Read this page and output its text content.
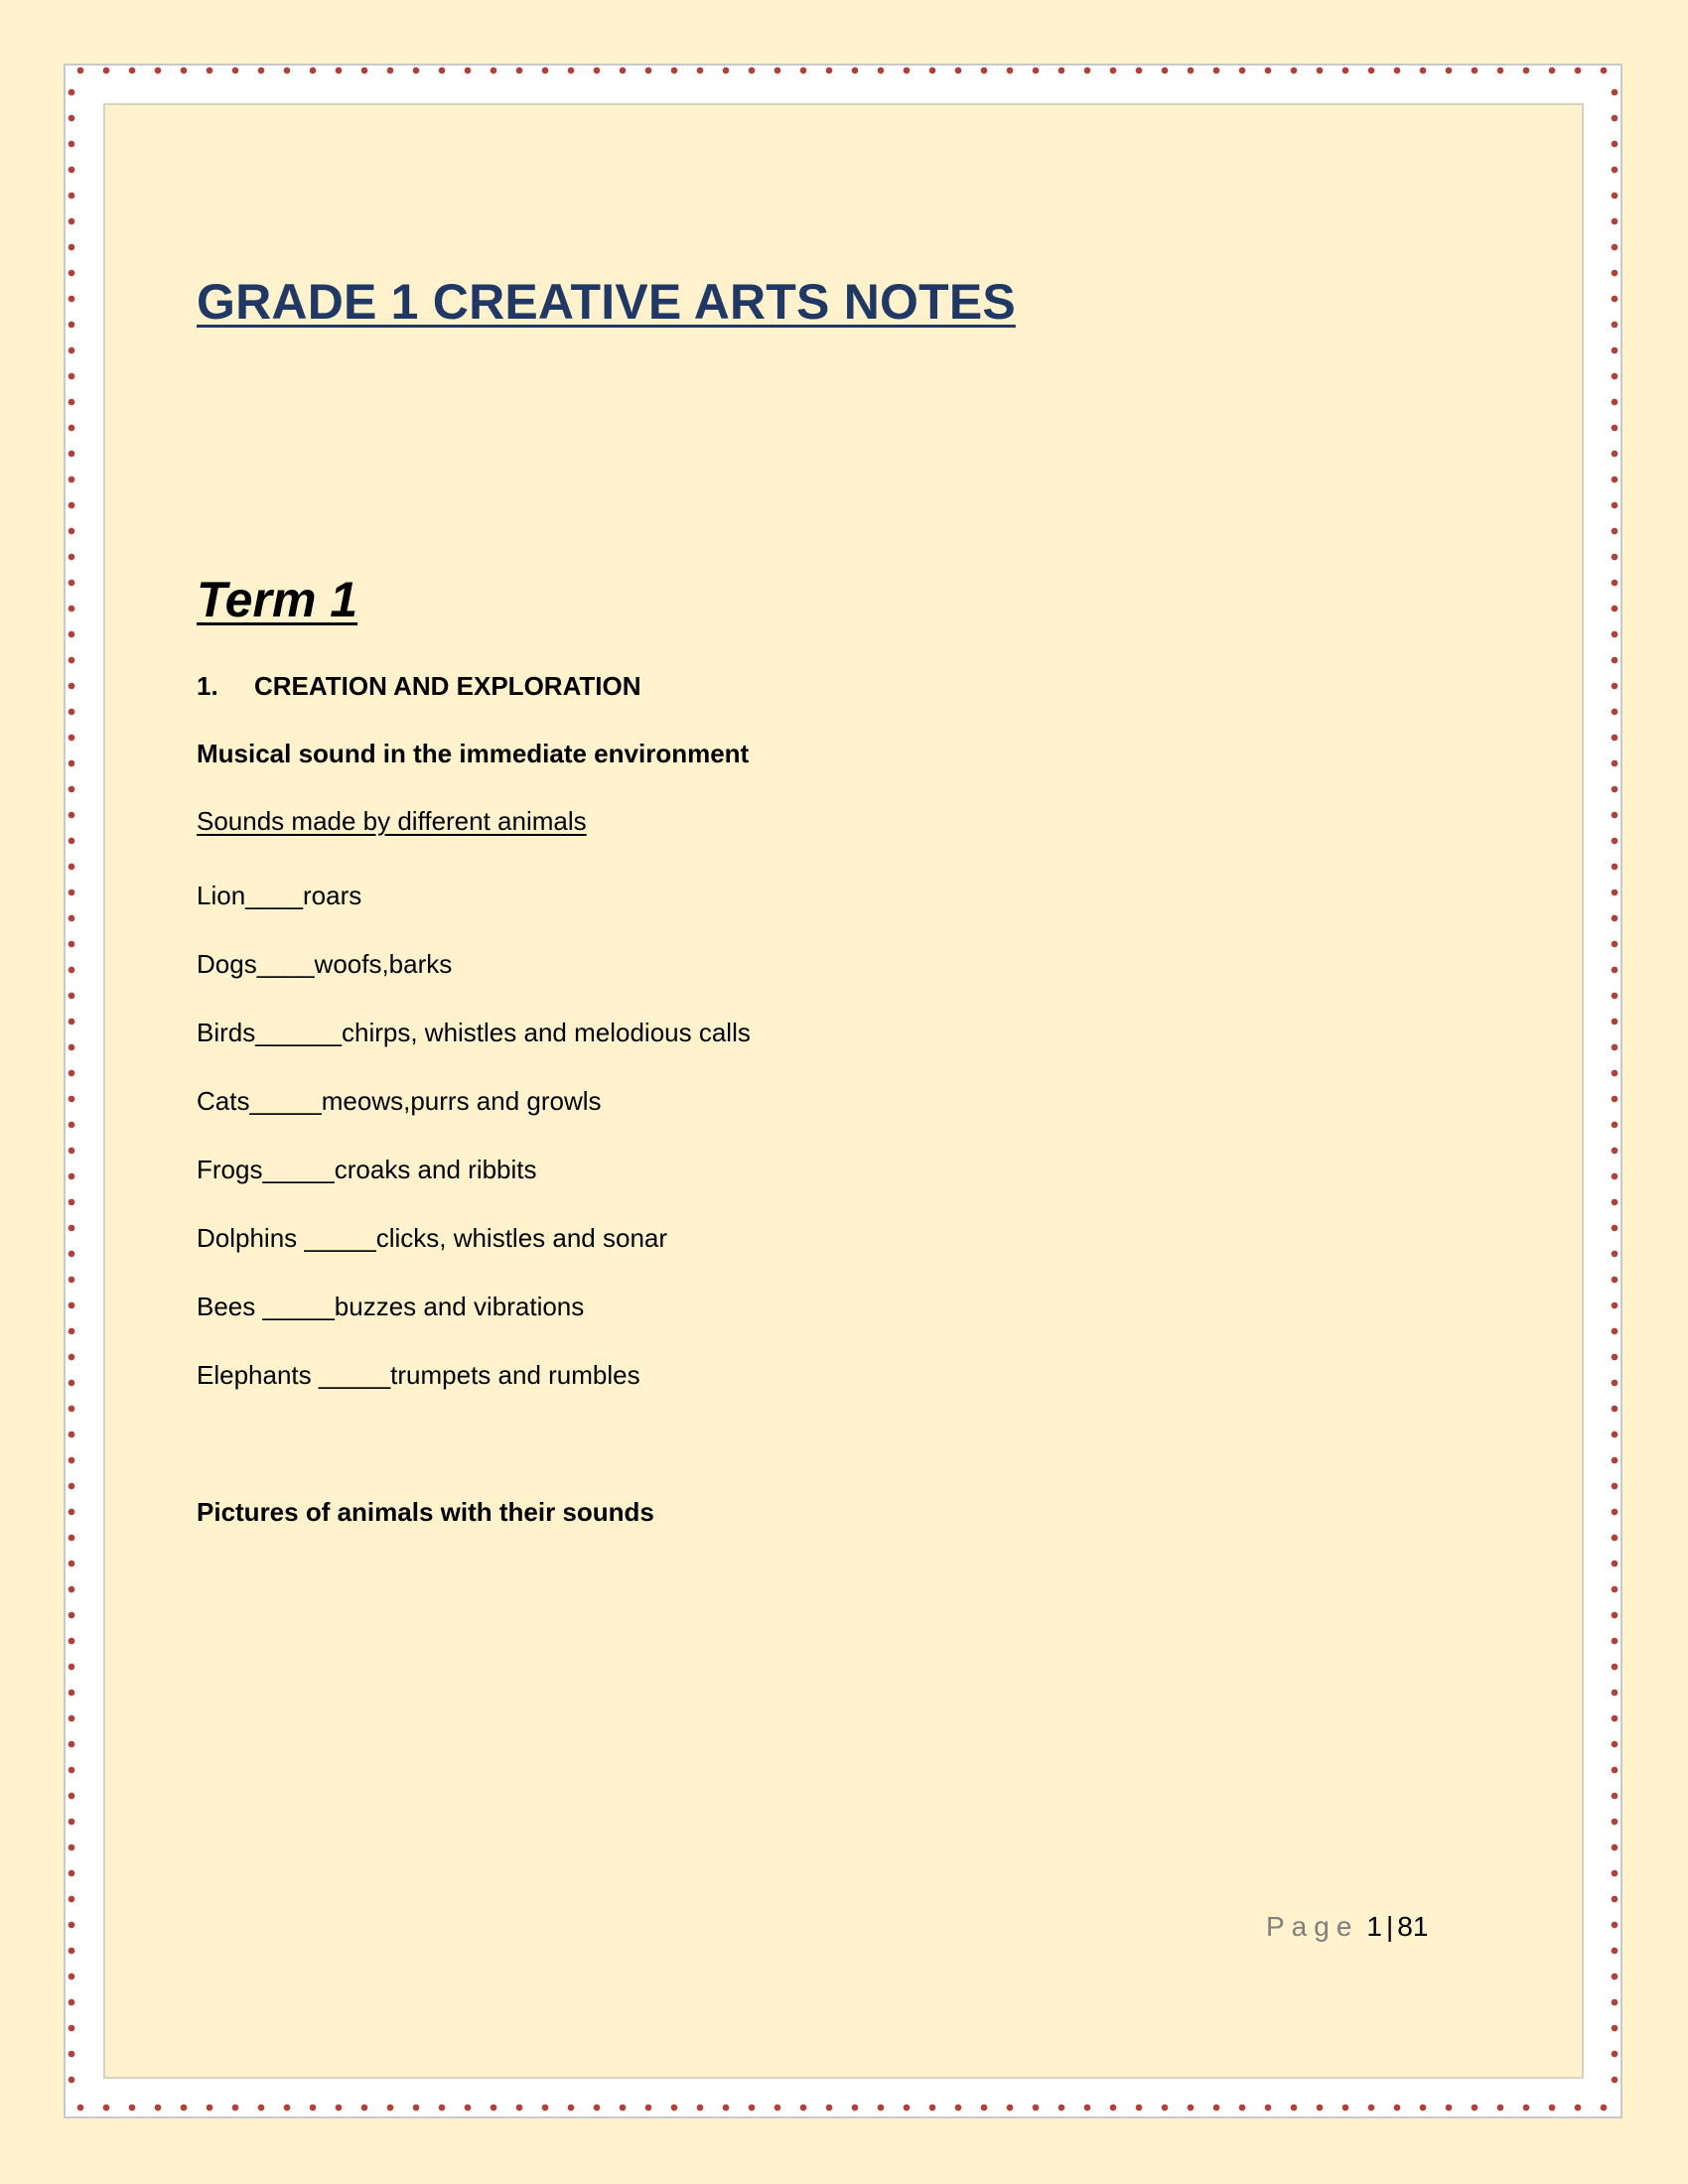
GRADE 1 CREATIVE ARTS NOTES
Term 1
1. CREATION AND EXPLORATION
Musical sound in the immediate environment
Sounds made by different animals
Lion____roars
Dogs____woofs,barks
Birds______chirps, whistles and melodious calls
Cats_____meows,purrs and growls
Frogs_____croaks and ribbits
Dolphins _____clicks, whistles and sonar
Bees _____buzzes and vibrations
Elephants _____trumpets and rumbles
Pictures of animals with their sounds
Page 1 | 81
